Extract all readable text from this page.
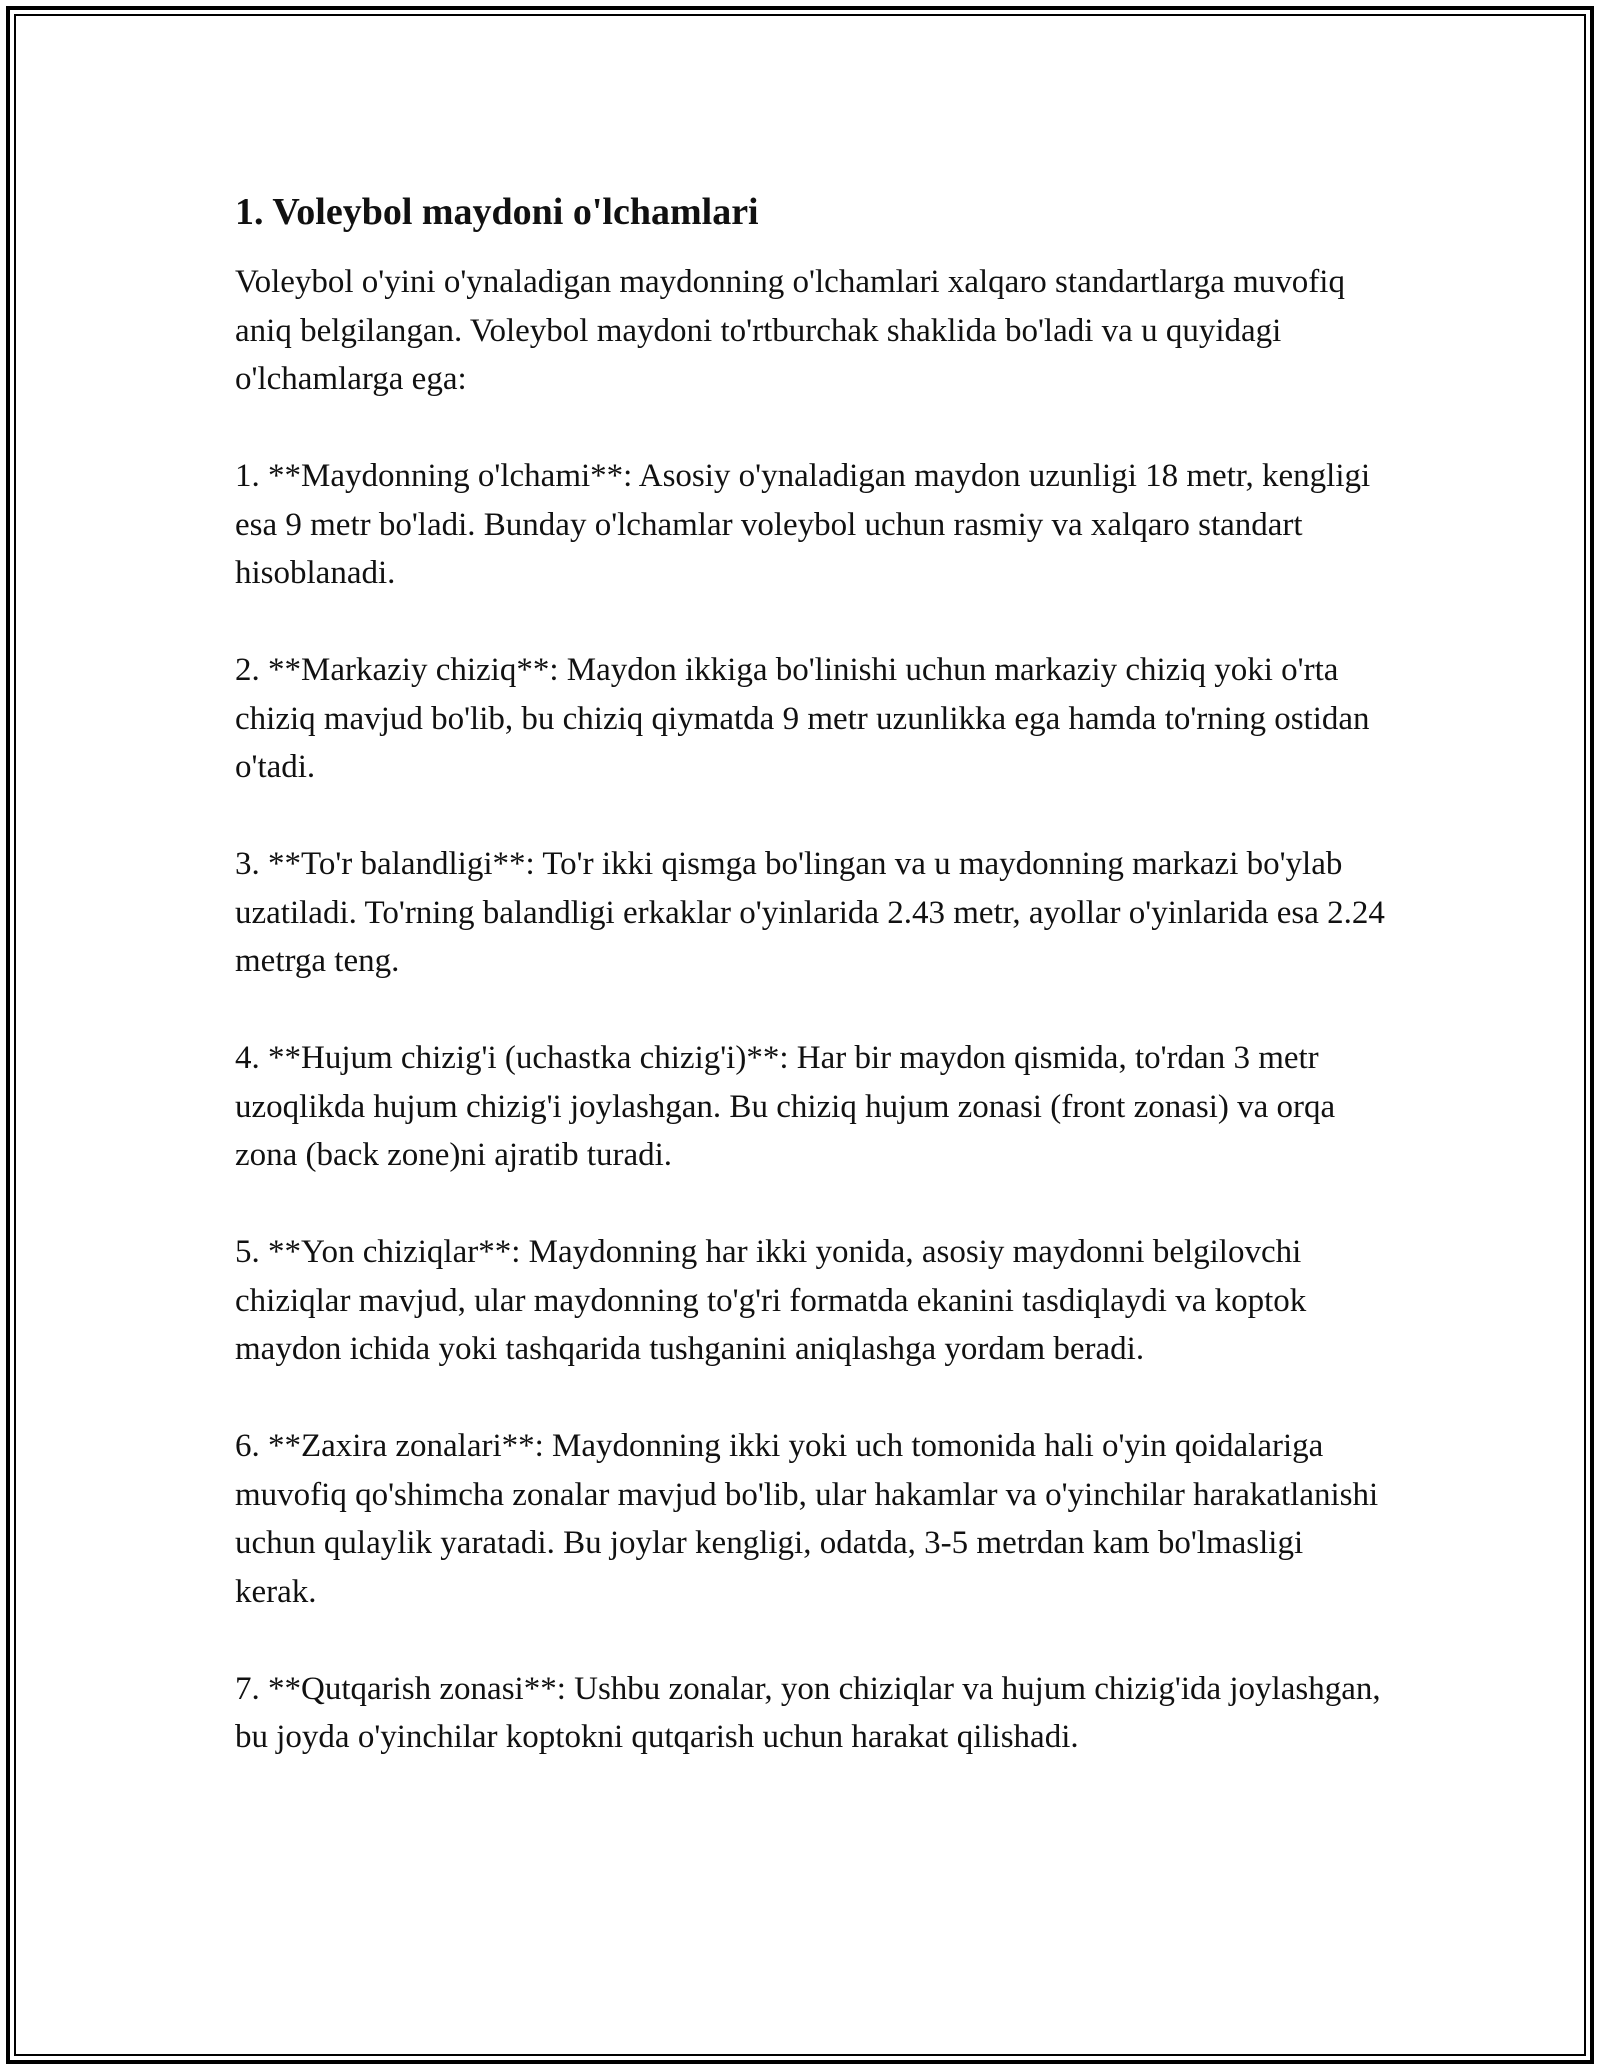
1. Voleybol maydoni o'lchamlari

Voleybol o'yini o'ynaladigan maydonning o'lchamlari xalqaro standartlarga muvofiq aniq belgilangan. Voleybol maydoni to'rtburchak shaklida bo'ladi va u quyidagi o'lchamlarga ega:

1. **Maydonning o'lchami**: Asosiy o'ynaladigan maydon uzunligi 18 metr, kengligi esa 9 metr bo'ladi. Bunday o'lchamlar voleybol uchun rasmiy va xalqaro standart hisoblanadi.

2. **Markaziy chiziq**: Maydon ikkiga bo'linishi uchun markaziy chiziq yoki o'rta chiziq mavjud bo'lib, bu chiziq qiymatda 9 metr uzunlikka ega hamda to'rning ostidan o'tadi.

3. **To'r balandligi**: To'r ikki qismga bo'lingan va u maydonning markazi bo'ylab uzatiladi. To'rning balandligi erkaklar o'yinlarida 2.43 metr, ayollar o'yinlarida esa 2.24 metrga teng.

4. **Hujum chizig'i (uchastka chizig'i)**: Har bir maydon qismida, to'rdan 3 metr uzoqlikda hujum chizig'i joylashgan. Bu chiziq hujum zonasi (front zonasi) va orqa zona (back zone)ni ajratib turadi.

5. **Yon chiziqlar**: Maydonning har ikki yonida, asosiy maydonni belgilovchi chiziqlar mavjud, ular maydonning to'g'ri formatda ekanini tasdiqlaydi va koptok maydon ichida yoki tashqarida tushganini aniqlashga yordam beradi.

6. **Zaxira zonalari**: Maydonning ikki yoki uch tomonida hali o'yin qoidalariga muvofiq qo'shimcha zonalar mavjud bo'lib, ular hakamlar va o'yinchilar harakatlanishi uchun qulaylik yaratadi. Bu joylar kengligi, odatda, 3-5 metrdan kam bo'lmasligi kerak.

7. **Qutqarish zonasi**: Ushbu zonalar, yon chiziqlar va hujum chizig'ida joylashgan, bu joyda o'yinchilar koptokni qutqarish uchun harakat qilishadi.
